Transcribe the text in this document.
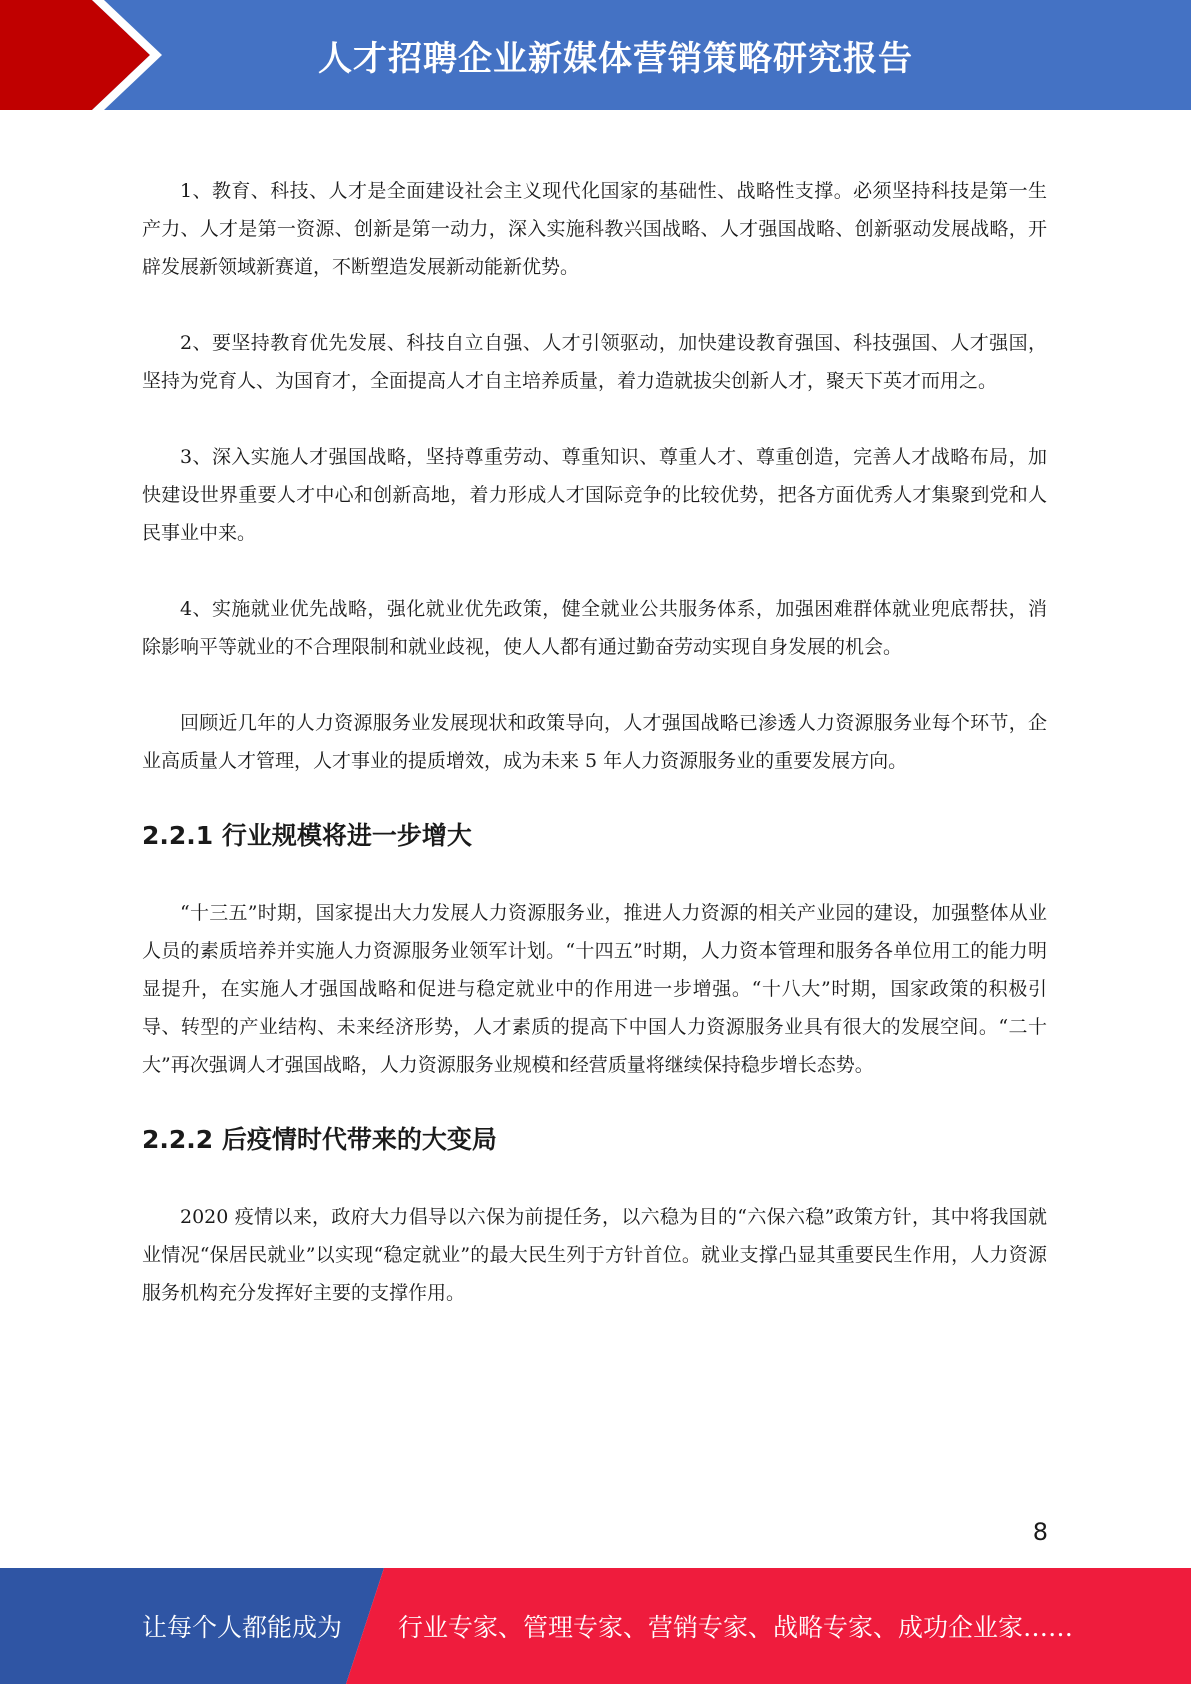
人才招聘企业新媒体营销策略研究报告

1、教育、科技、人才是全面建设社会主义现代化国家的基础性、战略性支撑。必须坚持科技是第一生产力、人才是第一资源、创新是第一动力，深入实施科教兴国战略、人才强国战略、创新驱动发展战略，开辟发展新领域新赛道，不断塑造发展新动能新优势。

2、要坚持教育优先发展、科技自立自强、人才引领驱动，加快建设教育强国、科技强国、人才强国，坚持为党育人、为国育才，全面提高人才自主培养质量，着力造就拔尖创新人才，聚天下英才而用之。

3、深入实施人才强国战略，坚持尊重劳动、尊重知识、尊重人才、尊重创造，完善人才战略布局，加快建设世界重要人才中心和创新高地，着力形成人才国际竞争的比较优势，把各方面优秀人才集聚到党和人民事业中来。

4、实施就业优先战略，强化就业优先政策，健全就业公共服务体系，加强困难群体就业兜底帮扶，消除影响平等就业的不合理限制和就业歧视，使人人都有通过勤奋劳动实现自身发展的机会。

回顾近几年的人力资源服务业发展现状和政策导向，人才强国战略已渗透人力资源服务业每个环节，企业高质量人才管理，人才事业的提质增效，成为未来 5 年人力资源服务业的重要发展方向。

2.2.1 行业规模将进一步增大

“十三五”时期，国家提出大力发展人力资源服务业，推进人力资源的相关产业园的建设，加强整体从业人员的素质培养并实施人力资源服务业领军计划。“十四五”时期，人力资本管理和服务各单位用工的能力明显提升，在实施人才强国战略和促进与稳定就业中的作用进一步增强。“十八大”时期，国家政策的积极引导、转型的产业结构、未来经济形势，人才素质的提高下中国人力资源服务业具有很大的发展空间。“二十大”再次强调人才强国战略，人力资源服务业规模和经营质量将继续保持稳步增长态势。

2.2.2 后疫情时代带来的大变局

2020 疫情以来，政府大力倡导以六保为前提任务，以六稳为目的“六保六稳”政策方针，其中将我国就业情况“保居民就业”以实现“稳定就业”的最大民生列于方针首位。就业支撑凸显其重要民生作用，人力资源服务机构充分发挥好主要的支撑作用。

8
让每个人都能成为 行业专家、管理专家、营销专家、战略专家、成功企业家……
